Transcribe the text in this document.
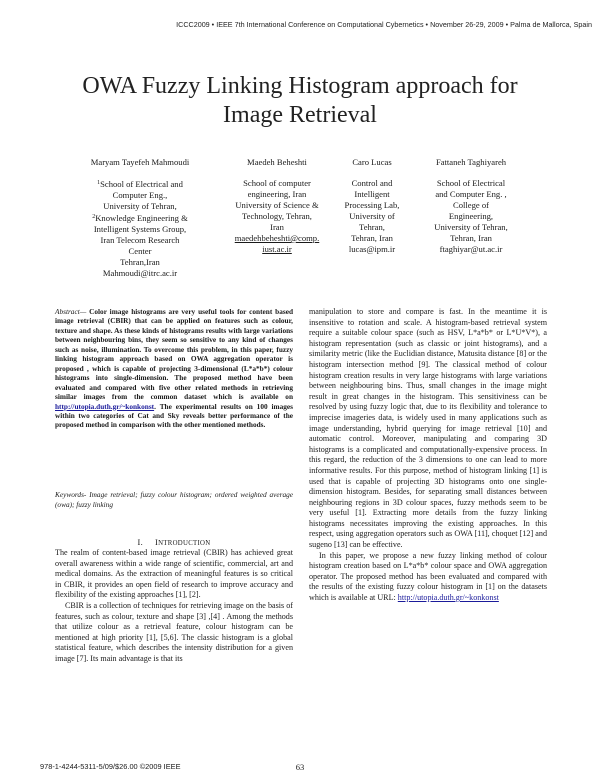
ICCC2009 • IEEE 7th International Conference on Computational Cybernetics • November 26-29, 2009 • Palma de Mallorca, Spain
OWA Fuzzy Linking Histogram approach for
Image Retrieval
Maryam Tayefeh Mahmoudi
$^1$School of Electrical and
Computer Eng.,
University of Tehran,
$^2$Knowledge Engineering &
Intelligent Systems Group,
Iran Telecom Research
Center
Tehran,Iran
Mahmoudi@itrc.ac.ir
Maedeh Beheshti
School of computer
engineering, Iran
University of Science &
Technology, Tehran,
Iran
maedehbeheshti@comp.
iust.ac.ir
Caro Lucas
Control and
Intelligent
Processing Lab,
University of
Tehran,
Tehran, Iran
lucas@ipm.ir
Fattaneh Taghiyareh
School of Electrical
and Computer Eng. ,
College of
Engineering,
University of Tehran,
Tehran, Iran
ftaghiyar@ut.ac.ir
Abstract— Color image histograms are very useful tools for content based image retrieval (CBIR) that can be applied on features such as colour, texture and shape. As these kinds of histograms results with large variations between neighbouring bins, they seem so sensitive to any kind of changes such as noise, illumination. To overcome this problem, in this paper, fuzzy linking histogram approach based on OWA aggregation operator is proposed , which is capable of projecting 3-dimensional (L*a*b*) colour histograms into single-dimension. The proposed method have been evaluated and compared with five other related methods in retrieving similar images from the common dataset which is available on http://utopia.duth.gr/~konkonst. The experimental results on 100 images within two categories of Cat and Sky reveals better performance of the proposed method in comparison with the other mentioned methods.
Keywords- Image retrieval; fuzzy colour histogram; ordered weighted average (owa); fuzzy linking
I. INTRODUCTION

The realm of content-based image retrieval (CBIR) has achieved great overall awareness within a wide range of scientific, commercial, art and medical domains. As the extraction of meaningful features is so critical in CBIR, it provides an open field of research to improve accuracy and flexibility of the existing approaches [1], [2].

CBIR is a collection of techniques for retrieving image on the basis of features, such as colour, texture and shape [3] ,[4] . Among the methods that utilize colour as a retrieval feature, colour histogram can be mentioned at high priority [1], [5,6]. The classic histogram is a global statistical feature, which describes the intensity distribution for a given image [7]. Its main advantage is that its

manipulation to store and compare is fast. In the meantime it is insensitive to rotation and scale. A histogram-based retrieval system require a suitable colour space (such as HSV, L*a*b* or L*U*V*), a histogram representation (such as classic or joint histograms), and a similarity metric (like the Euclidian distance, Matusita distance [8] or the histogram intersection method [9]. The classical method of colour histogram creation results in very large histograms with large variations between neighbouring bins. Thus, small changes in the image might result in great changes in the histogram. This sensitiviness can be resolved by using fuzzy logic that, due to its flexibility and tolerance to imprecise imageries data, is widely used in many applications such as image understanding, hybrid querying for image retrieval [10] and automatic control. Moreover, manipulating and comparing 3D histograms is a complicated and computationally-expensive process. In this regard, the reduction of the 3 dimensions to one can lead to more informative results. For this purpose, method of histogram linking [1] is used that is capable of projecting 3D histograms onto one single-dimension histogram. Besides, for separating small distances between neighbouring regions in 3D colour spaces, fuzzy methods seem to be very useful [1]. Extracting more details from the fuzzy linking histograms necessitates improving the existing approaches. In this respect, using aggregation operators such as OWA [11], choquet [12] and sugeno [13] can be effective.

In this paper, we propose a new fuzzy linking method of colour histogram creation based on L*a*b* colour space and OWA aggregation operator. The proposed method has been evaluated and compared with the results of the existing fuzzy colour histogram in [1] on the datasets which is available at URL: http://utopia.duth.gr/~konkonst

978-1-4244-5311-5/09/$26.00 ©2009 IEEE	63
